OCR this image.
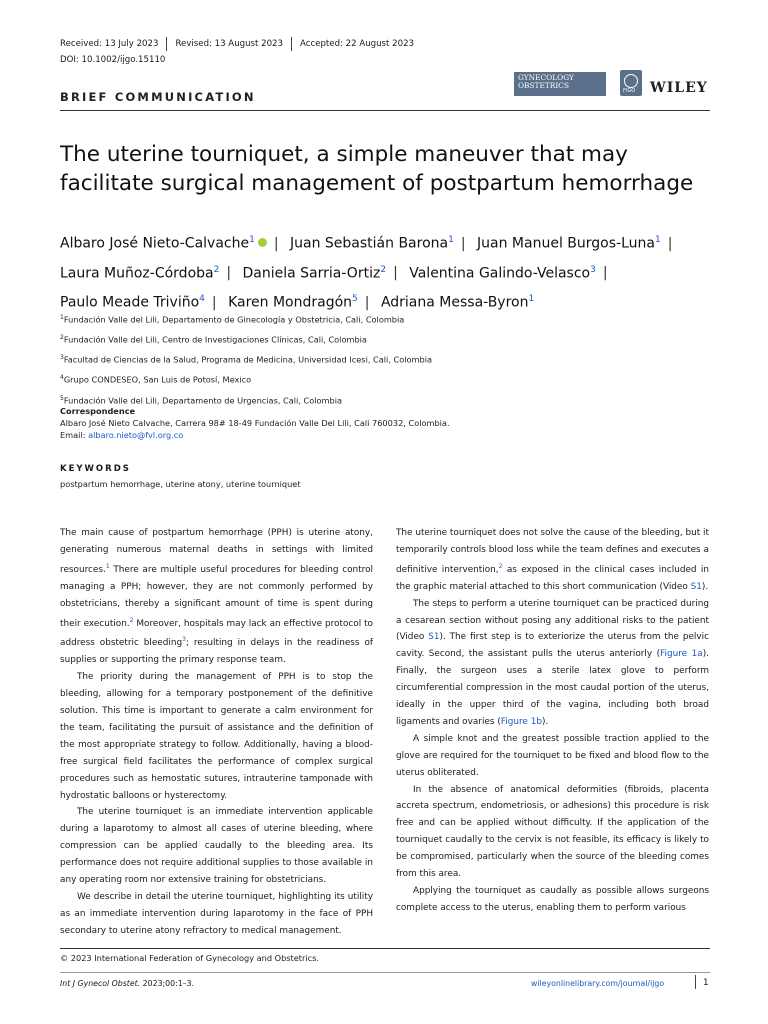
Received: 13 July 2023 Revised: 13 August 2023 Accepted: 22 August 2023
DOI: 10.1002/ijgo.15110
BRIEF COMMUNICATION
GYNECOLOGY
OBSTETRICS
FIGO WILEY
The uterine tourniquet, a simple maneuver that may facilitate surgical management of postpartum hemorrhage
Albaro José Nieto-Calvache$^1$ | Juan Sebastián Barona$^1$ | Juan Manuel Burgos-Luna$^1$ |
Laura Muñoz-Córdoba$^2$ | Daniela Sarria-Ortiz$^2$ | Valentina Galindo-Velasco$^3$ |
Paulo Meade Triviño$^4$ | Karen Mondragón$^5$ | Adriana Messa-Byron$^1$
$^1$Fundación Valle del Lili, Departamento de Ginecología y Obstetricia, Cali, Colombia
$^2$Fundación Valle del Lili, Centro de Investigaciones Clínicas, Cali, Colombia
$^3$Facultad de Ciencias de la Salud, Programa de Medicina, Universidad Icesi, Cali, Colombia
$^4$Grupo CONDESEO, San Luis de Potosí, Mexico
$^5$Fundación Valle del Lili, Departamento de Urgencias, Cali, Colombia
Correspondence
Albaro José Nieto Calvache, Carrera 98# 18-49 Fundación Valle Del Lili, Cali 760032, Colombia.
Email: albaro.nieto@fvl.org.co
KEYWORDS
postpartum hemorrhage, uterine atony, uterine tourniquet

The main cause of postpartum hemorrhage (PPH) is uterine atony, generating numerous maternal deaths in settings with limited resources.$^1$ There are multiple useful procedures for bleeding control managing a PPH; however, they are not commonly performed by obstetricians, thereby a significant amount of time is spent during their execution.$^2$ Moreover, hospitals may lack an effective protocol to address obstetric bleeding$^3$; resulting in delays in the readiness of supplies or supporting the primary response team.

The priority during the management of PPH is to stop the bleeding, allowing for a temporary postponement of the definitive solution. This time is important to generate a calm environment for the team, facilitating the pursuit of assistance and the definition of the most appropriate strategy to follow. Additionally, having a blood-free surgical field facilitates the performance of complex surgical procedures such as hemostatic sutures, intrauterine tamponade with hydrostatic balloons or hysterectomy.

The uterine tourniquet is an immediate intervention applicable during a laparotomy to almost all cases of uterine bleeding, where compression can be applied caudally to the bleeding area. Its performance does not require additional supplies to those available in any operating room nor extensive training for obstetricians.

We describe in detail the uterine tourniquet, highlighting its utility as an immediate intervention during laparotomy in the face of PPH secondary to uterine atony refractory to medical management.

The uterine tourniquet does not solve the cause of the bleeding, but it temporarily controls blood loss while the team defines and executes a definitive intervention,$^2$ as exposed in the clinical cases included in the graphic material attached to this short communication (Video S1).

The steps to perform a uterine tourniquet can be practiced during a cesarean section without posing any additional risks to the patient (Video S1). The first step is to exteriorize the uterus from the pelvic cavity. Second, the assistant pulls the uterus anteriorly (Figure 1a). Finally, the surgeon uses a sterile latex glove to perform circumferential compression in the most caudal portion of the uterus, ideally in the upper third of the vagina, including both broad ligaments and ovaries (Figure 1b).

A simple knot and the greatest possible traction applied to the glove are required for the tourniquet to be fixed and blood flow to the uterus obliterated.

In the absence of anatomical deformities (fibroids, placenta accreta spectrum, endometriosis, or adhesions) this procedure is risk free and can be applied without difficulty. If the application of the tourniquet caudally to the cervix is not feasible, its efficacy is likely to be compromised, particularly when the source of the bleeding comes from this area.

Applying the tourniquet as caudally as possible allows surgeons complete access to the uterus, enabling them to perform various

© 2023 International Federation of Gynecology and Obstetrics.
Int J Gynecol Obstet. 2023;00:1–3.	wileyonlinelibrary.com/journal/ijgo	1
